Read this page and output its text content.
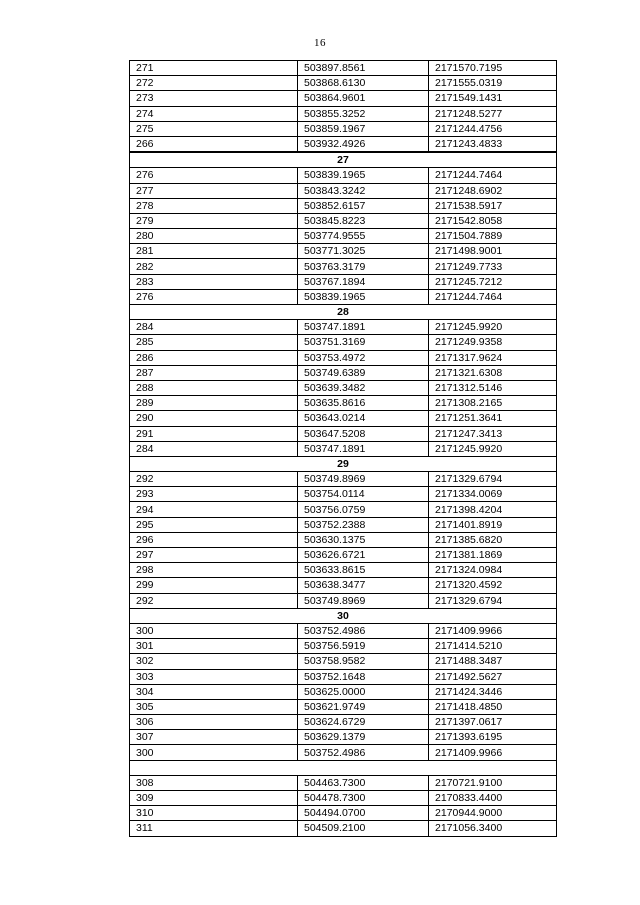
16
271	503897.8561	2171570.7195
272	503868.6130	2171555.0319
273	503864.9601	2171549.1431
274	503855.3252	2171248.5277
275	503859.1967	2171244.4756
266	503932.4926	2171243.4833
27		
276	503839.1965	2171244.7464
277	503843.3242	2171248.6902
278	503852.6157	2171538.5917
279	503845.8223	2171542.8058
280	503774.9555	2171504.7889
281	503771.3025	2171498.9001
282	503763.3179	2171249.7733
283	503767.1894	2171245.7212
276	503839.1965	2171244.7464
28		
284	503747.1891	2171245.9920
285	503751.3169	2171249.9358
286	503753.4972	2171317.9624
287	503749.6389	2171321.6308
288	503639.3482	2171312.5146
289	503635.8616	2171308.2165
290	503643.0214	2171251.3641
291	503647.5208	2171247.3413
284	503747.1891	2171245.9920
29		
292	503749.8969	2171329.6794
293	503754.0114	2171334.0069
294	503756.0759	2171398.4204
295	503752.2388	2171401.8919
296	503630.1375	2171385.6820
297	503626.6721	2171381.1869
298	503633.8615	2171324.0984
299	503638.3477	2171320.4592
292	503749.8969	2171329.6794
30		
300	503752.4986	2171409.9966
301	503756.5919	2171414.5210
302	503758.9582	2171488.3487
303	503752.1648	2171492.5627
304	503625.0000	2171424.3446
305	503621.9749	2171418.4850
306	503624.6729	2171397.0617
307	503629.1379	2171393.6195
300	503752.4986	2171409.9966

308	504463.7300	2170721.9100
309	504478.7300	2170833.4400
310	504494.0700	2170944.9000
311	504509.2100	2171056.3400
